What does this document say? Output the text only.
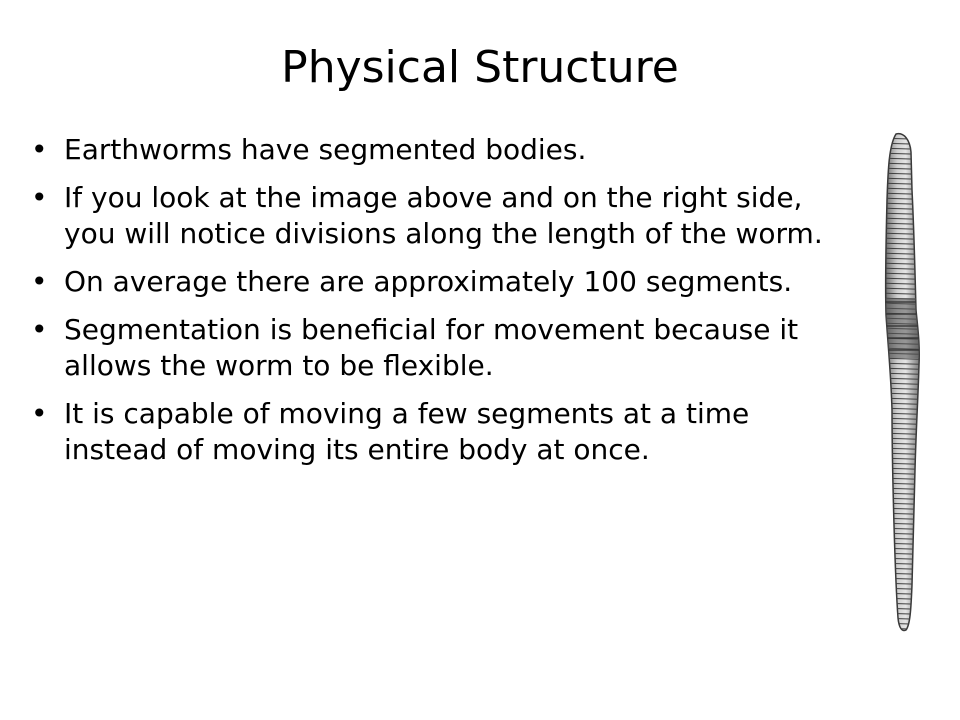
Physical Structure
• Earthworms have segmented bodies.
• If you look at the image above and on the right side, you will notice divisions along the length of the worm.
• On average there are approximately 100 segments.
• Segmentation is beneficial for movement because it allows the worm to be flexible.
• It is capable of moving a few segments at a time instead of moving its entire body at once.
